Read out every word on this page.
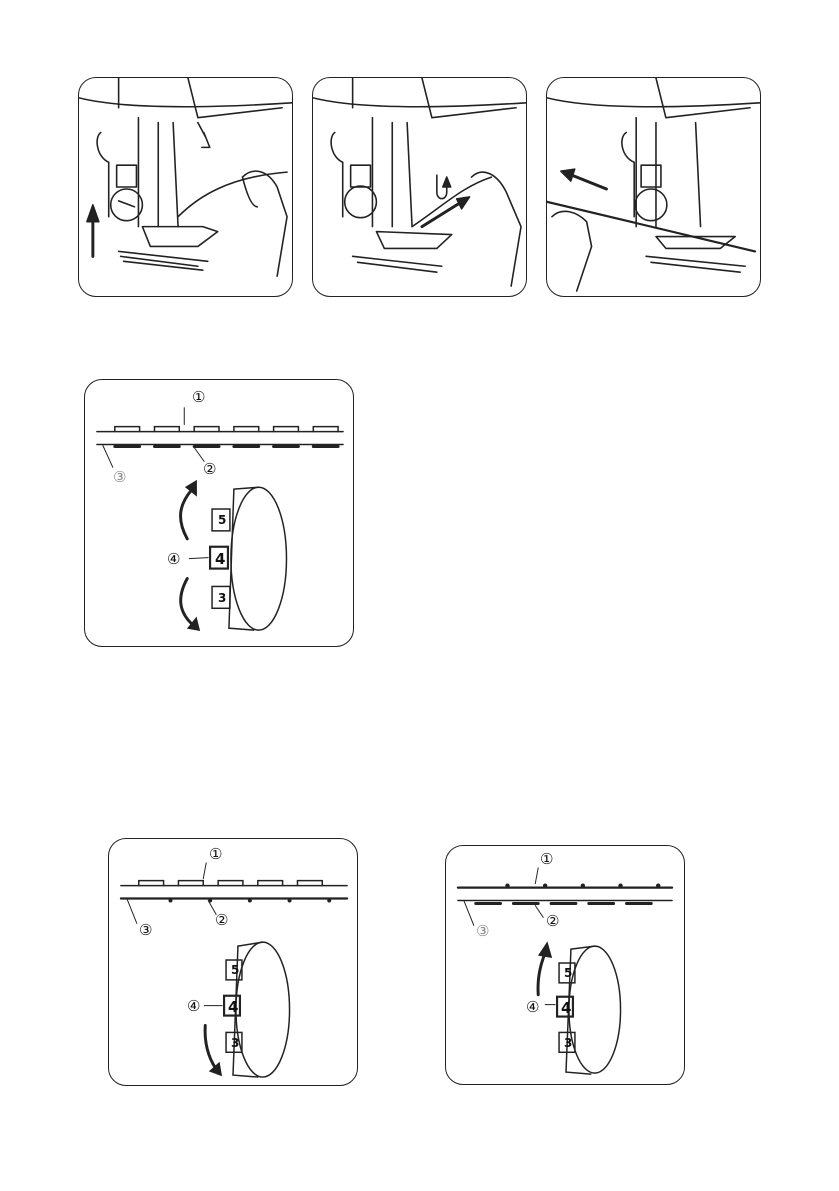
①
②
③
④
5
4
3
①
②
③
④
5
4
3
①
②
③
④
5
4
3
